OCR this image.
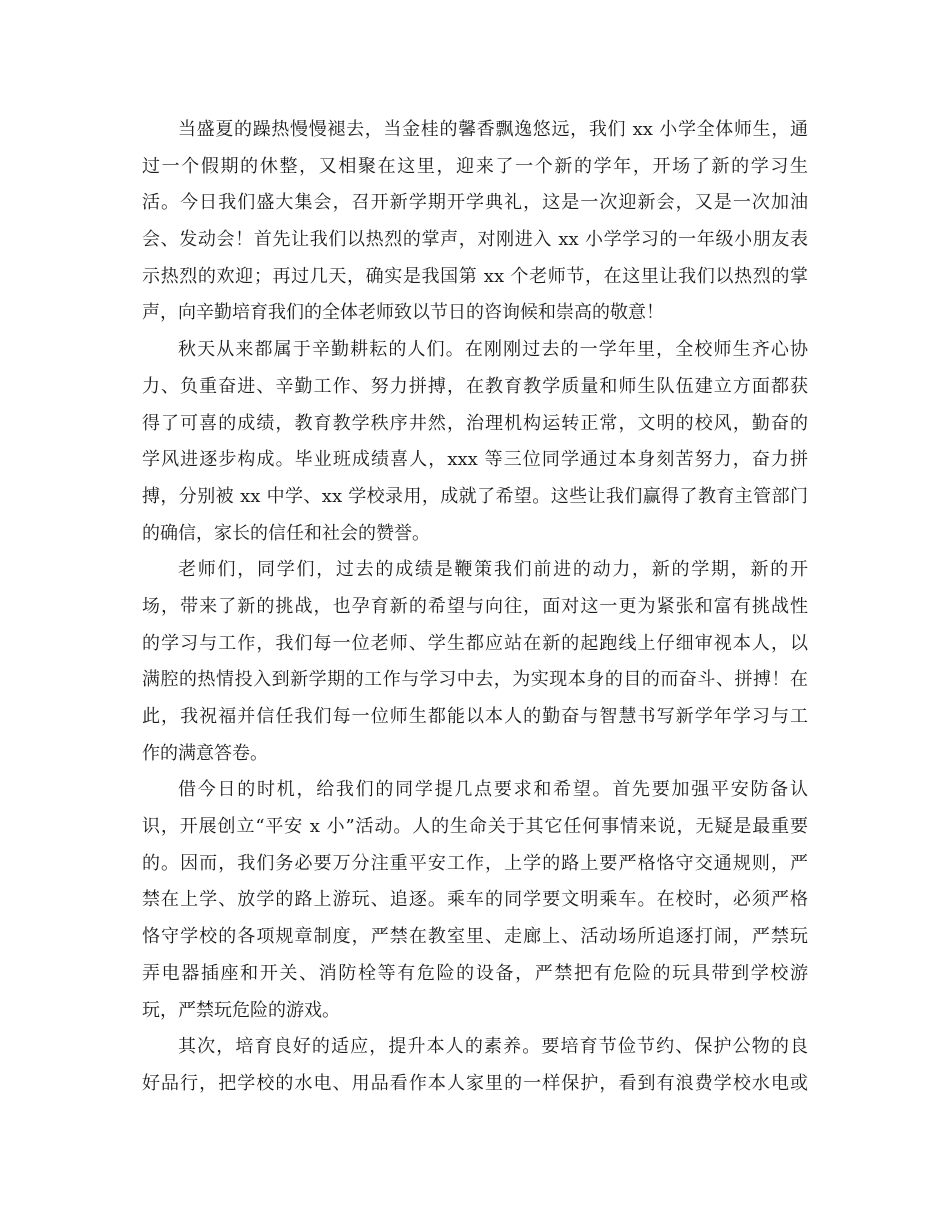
当盛夏的躁热慢慢褪去，当金桂的馨香飘逸悠远，我们 xx 小学全体师生，通
过一个假期的休整，又相聚在这里，迎来了一个新的学年，开场了新的学习生
活。今日我们盛大集会，召开新学期开学典礼，这是一次迎新会，又是一次加油
会、发动会！首先让我们以热烈的掌声，对刚进入 xx 小学学习的一年级小朋友表
示热烈的欢迎；再过几天，确实是我国第 xx 个老师节，在这里让我们以热烈的掌
声，向辛勤培育我们的全体老师致以节日的咨询候和崇高的敬意！
秋天从来都属于辛勤耕耘的人们。在刚刚过去的一学年里，全校师生齐心协
力、负重奋进、辛勤工作、努力拼搏，在教育教学质量和师生队伍建立方面都获
得了可喜的成绩，教育教学秩序井然，治理机构运转正常，文明的校风，勤奋的
学风进逐步构成。毕业班成绩喜人，xxx 等三位同学通过本身刻苦努力，奋力拼
搏，分别被 xx 中学、xx 学校录用，成就了希望。这些让我们赢得了教育主管部门
的确信，家长的信任和社会的赞誉。
老师们，同学们，过去的成绩是鞭策我们前进的动力，新的学期，新的开
场，带来了新的挑战，也孕育新的希望与向往，面对这一更为紧张和富有挑战性
的学习与工作，我们每一位老师、学生都应站在新的起跑线上仔细审视本人，以
满腔的热情投入到新学期的工作与学习中去，为实现本身的目的而奋斗、拼搏！在
此，我祝福并信任我们每一位师生都能以本人的勤奋与智慧书写新学年学习与工
作的满意答卷。
借今日的时机，给我们的同学提几点要求和希望。首先要加强平安防备认
识，开展创立“平安 x 小”活动。人的生命关于其它任何事情来说，无疑是最重要
的。因而，我们务必要万分注重平安工作，上学的路上要严格恪守交通规则，严
禁在上学、放学的路上游玩、追逐。乘车的同学要文明乘车。在校时，必须严格
恪守学校的各项规章制度，严禁在教室里、走廊上、活动场所追逐打闹，严禁玩
弄电器插座和开关、消防栓等有危险的设备，严禁把有危险的玩具带到学校游
玩，严禁玩危险的游戏。
其次，培育良好的适应，提升本人的素养。要培育节俭节约、保护公物的良
好品行，把学校的水电、用品看作本人家里的一样保护，看到有浪费学校水电或
